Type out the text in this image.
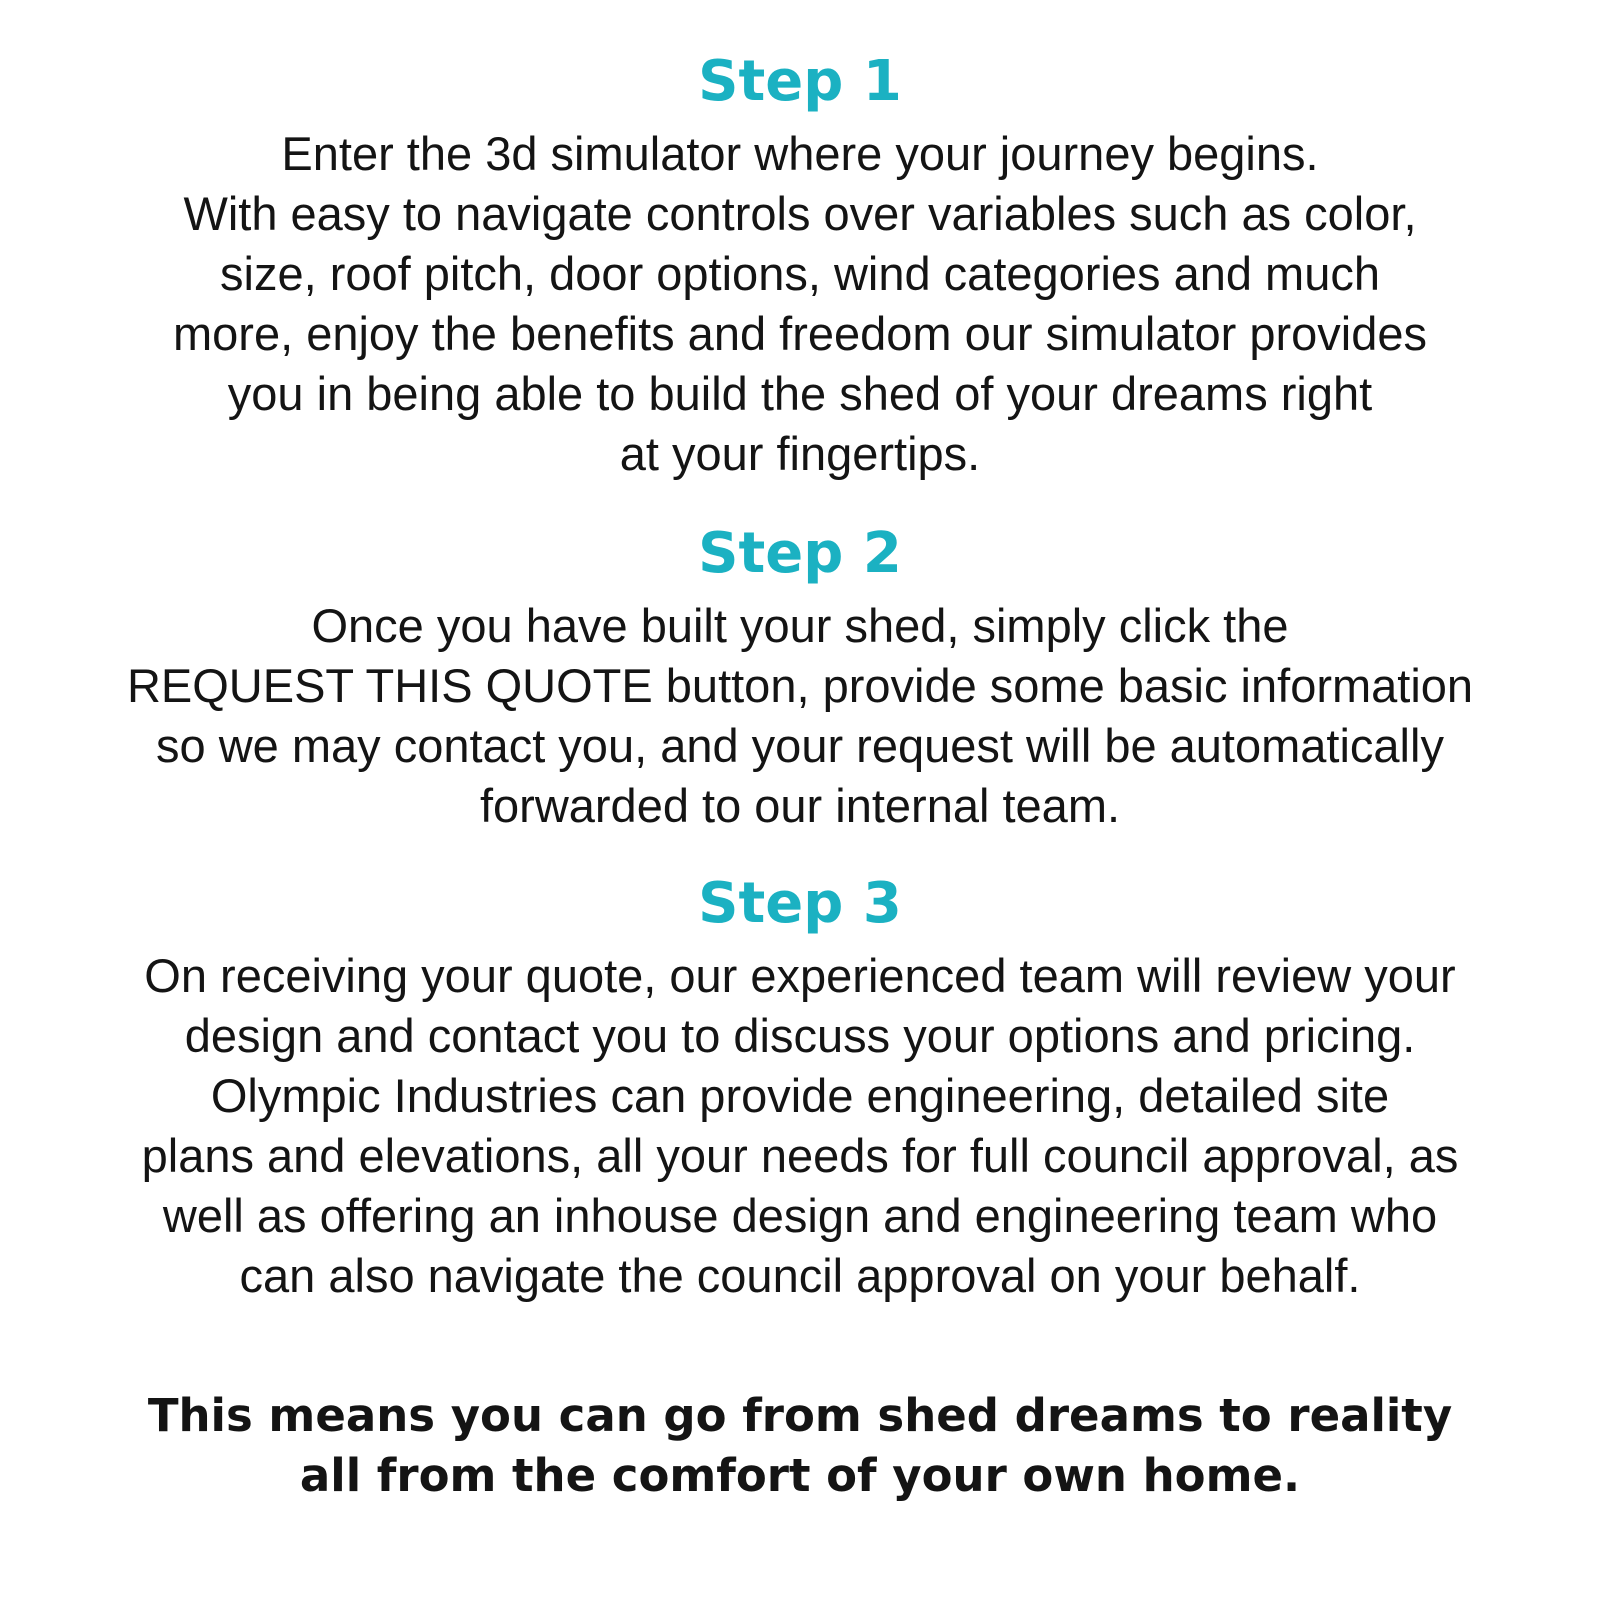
Step 1

Enter the 3d simulator where your journey begins.
With easy to navigate controls over variables such as color,
size, roof pitch, door options, wind categories and much
more, enjoy the benefits and freedom our simulator provides
you in being able to build the shed of your dreams right
at your fingertips.

Step 2

Once you have built your shed, simply click the
REQUEST THIS QUOTE button, provide some basic information
so we may contact you, and your request will be automatically
forwarded to our internal team.

Step 3

On receiving your quote, our experienced team will review your
design and contact you to discuss your options and pricing.
Olympic Industries can provide engineering, detailed site
plans and elevations, all your needs for full council approval, as
well as offering an inhouse design and engineering team who
can also navigate the council approval on your behalf.

This means you can go from shed dreams to reality
all from the comfort of your own home.
